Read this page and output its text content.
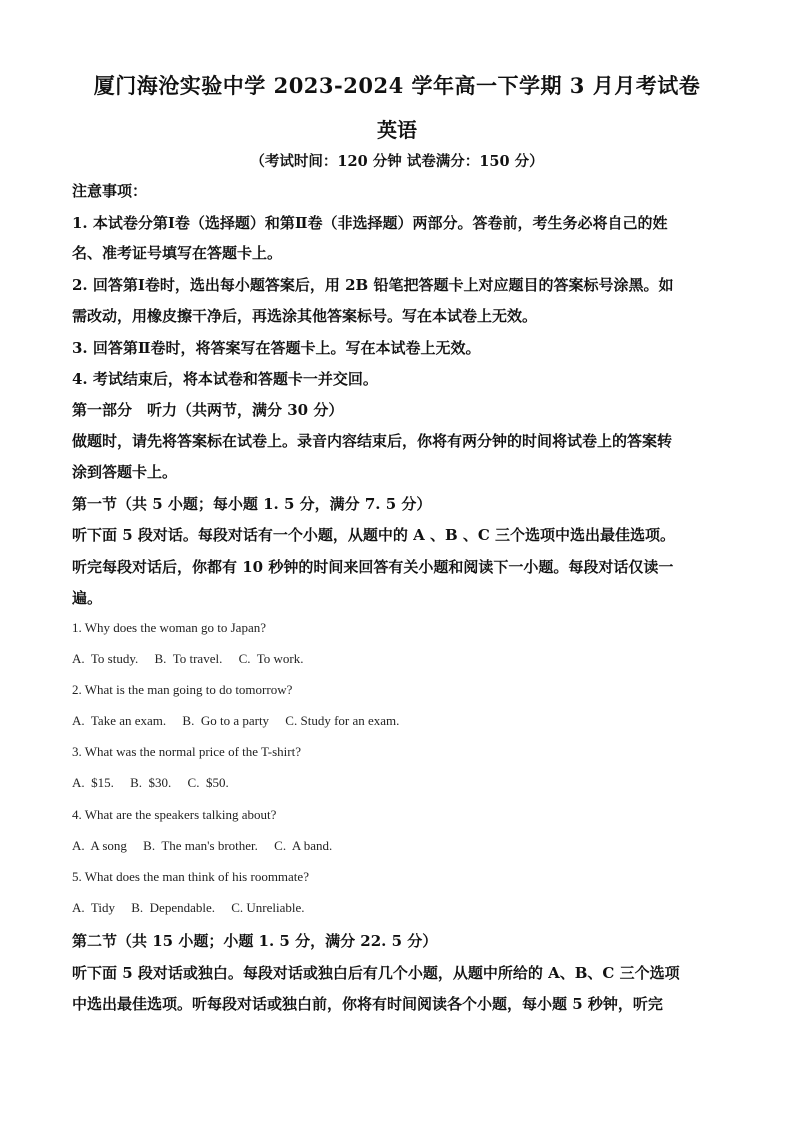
厦门海沧实验中学 2023-2024 学年高一下学期 3 月月考试卷
英语
（考试时间：120 分钟 试卷满分：150 分）
注意事项：
1. 本试卷分第Ⅰ卷（选择题）和第Ⅱ卷（非选择题）两部分。答卷前，考生务必将自己的姓
名、准考证号填写在答题卡上。
2. 回答第Ⅰ卷时，选出每小题答案后，用 2B 铅笔把答题卡上对应题目的答案标号涂黑。如
需改动，用橡皮擦干净后，再选涂其他答案标号。写在本试卷上无效。
3. 回答第Ⅱ卷时，将答案写在答题卡上。写在本试卷上无效。
4. 考试结束后，将本试卷和答题卡一并交回。
第一部分　听力（共两节，满分 30 分）
做题时，请先将答案标在试卷上。录音内容结束后，你将有两分钟的时间将试卷上的答案转
涂到答题卡上。
第一节（共 5 小题；每小题 1. 5 分，满分 7. 5 分）
听下面 5 段对话。每段对话有一个小题，从题中的 A 、B 、C 三个选项中选出最佳选项。
听完每段对话后，你都有 10 秒钟的时间来回答有关小题和阅读下一小题。每段对话仅读一
遍。
1. Why does the woman go to Japan?
A.  To study.     B.  To travel.     C.  To work.
2. What is the man going to do tomorrow?
A.  Take an exam.     B.  Go to a party     C. Study for an exam.
3. What was the normal price of the T-shirt?
A.  $15.     B.  $30.     C.  $50.
4. What are the speakers talking about?
A.  A song     B.  The man's brother.     C.  A band.
5. What does the man think of his roommate?
A.  Tidy     B.  Dependable.     C. Unreliable.
第二节（共 15 小题；小题 1. 5 分，满分 22. 5 分）
听下面 5 段对话或独白。每段对话或独白后有几个小题，从题中所给的 A、B、C 三个选项
中选出最佳选项。听每段对话或独白前，你将有时间阅读各个小题，每小题 5 秒钟，听完
